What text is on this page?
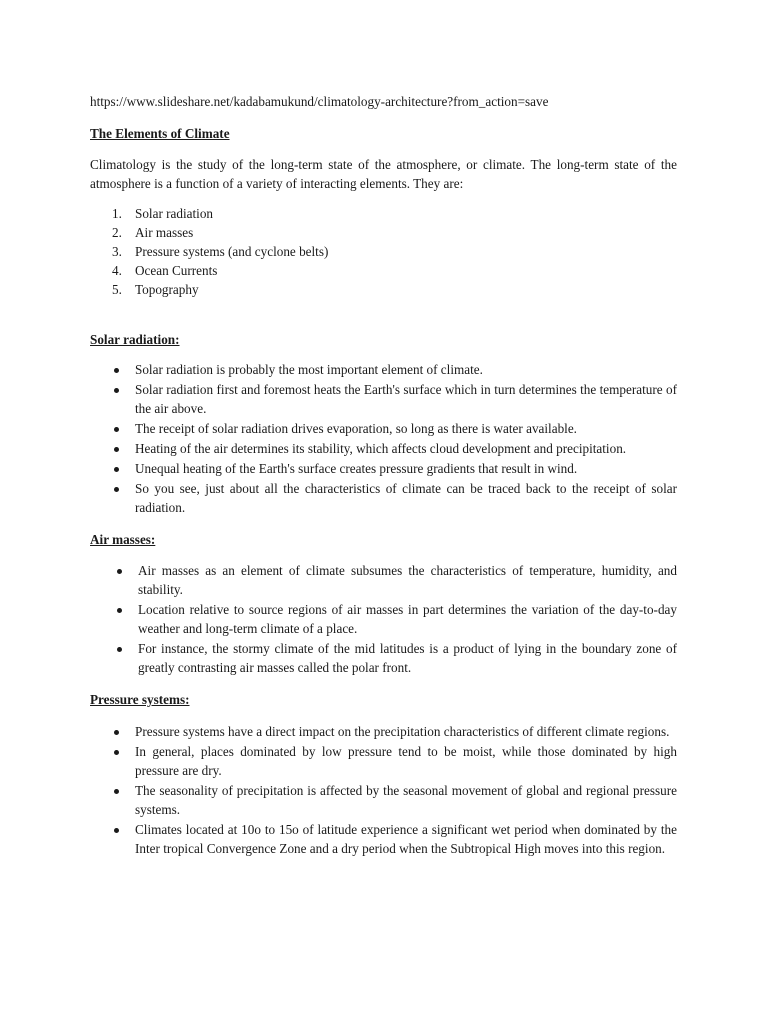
https://www.slideshare.net/kadabamukund/climatology-architecture?from_action=save
The Elements of Climate

Climatology is the study of the long-term state of the atmosphere, or climate. The long-term state of the atmosphere is a function of a variety of interacting elements. They are:

1. Solar radiation
2. Air masses
3. Pressure systems (and cyclone belts)
4. Ocean Currents
5. Topography
Solar radiation:
Solar radiation is probably the most important element of climate.
Solar radiation first and foremost heats the Earth's surface which in turn determines the temperature of the air above.
The receipt of solar radiation drives evaporation, so long as there is water available.
Heating of the air determines its stability, which affects cloud development and precipitation.
Unequal heating of the Earth's surface creates pressure gradients that result in wind.
So you see, just about all the characteristics of climate can be traced back to the receipt of solar radiation.
Air masses:
Air masses as an element of climate subsumes the characteristics of temperature, humidity, and stability.
Location relative to source regions of air masses in part determines the variation of the day-to-day weather and long-term climate of a place.
For instance, the stormy climate of the mid latitudes is a product of lying in the boundary zone of greatly contrasting air masses called the polar front.
Pressure systems:
Pressure systems have a direct impact on the precipitation characteristics of different climate regions.
In general, places dominated by low pressure tend to be moist, while those dominated by high pressure are dry.
The seasonality of precipitation is affected by the seasonal movement of global and regional pressure systems.
Climates located at 10o to 15o of latitude experience a significant wet period when dominated by the Inter tropical Convergence Zone and a dry period when the Subtropical High moves into this region.
